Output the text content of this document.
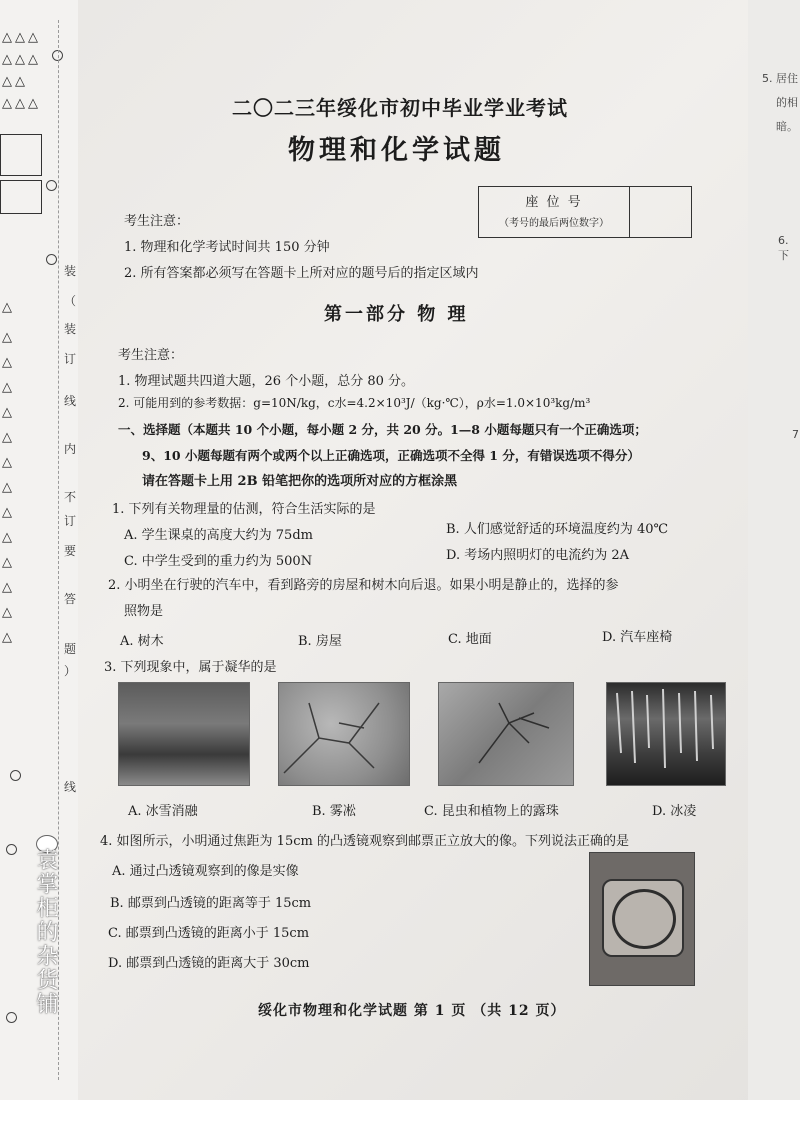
△△△
△△△
△△
△△△
△
△
△
△
△
△
△
△
△
△
△
△
△
△
装
（
装
订
线
内
不
订
要
答
题
）
线
5. 居住
的相
暗。
6. 下
7
二〇二三年绥化市初中毕业学业考试
物理和化学试题
座 位 号
（考号的最后两位数字）
考生注意：
1. 物理和化学考试时间共 150 分钟
2. 所有答案都必须写在答题卡上所对应的题号后的指定区域内
第一部分 物 理
考生注意：
1. 物理试题共四道大题，26 个小题，总分 80 分。
2. 可能用到的参考数据：g=10N/kg，c水=4.2×10³J/（kg·℃），ρ水=1.0×10³kg/m³
一、选择题（本题共 10 个小题，每小题 2 分，共 20 分。1—8 小题每题只有一个正确选项；
9、10 小题每题有两个或两个以上正确选项，正确选项不全得 1 分，有错误选项不得分）
请在答题卡上用 2B 铅笔把你的选项所对应的方框涂黑
1. 下列有关物理量的估测，符合生活实际的是
A. 学生课桌的高度大约为 75dm	B. 人们感觉舒适的环境温度约为 40℃
C. 中学生受到的重力约为 500N	D. 考场内照明灯的电流约为 2A
2. 小明坐在行驶的汽车中，看到路旁的房屋和树木向后退。如果小明是静止的，选择的参
照物是
A. 树木	B. 房屋	C. 地面	D. 汽车座椅
3. 下列现象中，属于凝华的是
A. 冰雪消融	B. 雾凇	C. 昆虫和植物上的露珠	D. 冰凌
4. 如图所示，小明通过焦距为 15cm 的凸透镜观察到邮票正立放大的像。下列说法正确的是
A. 通过凸透镜观察到的像是实像
B. 邮票到凸透镜的距离等于 15cm
C. 邮票到凸透镜的距离小于 15cm
D. 邮票到凸透镜的距离大于 30cm
绥化市物理和化学试题 第 1 页 （共 12 页）
袁掌柜的杂货铺
